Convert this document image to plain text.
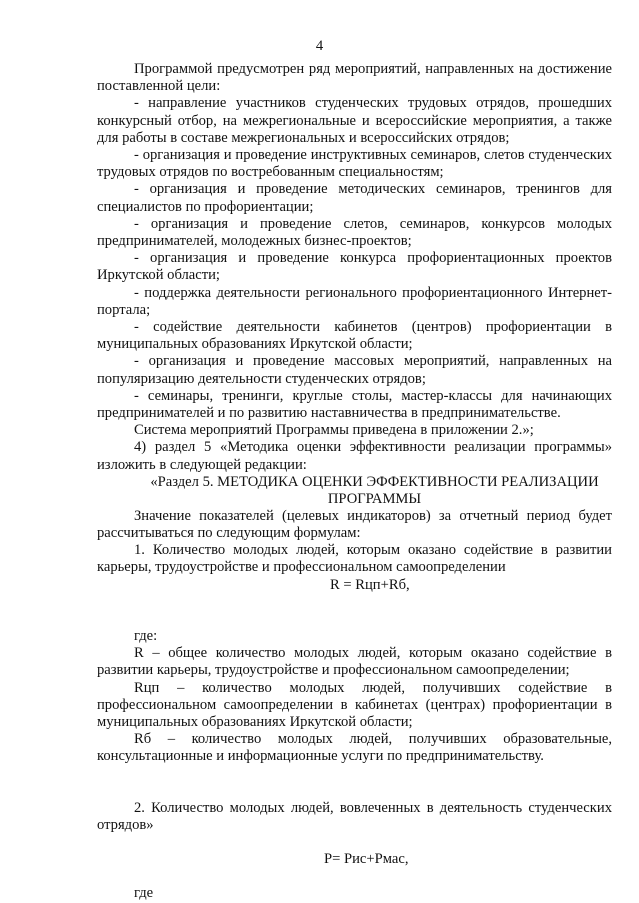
4

Программой предусмотрен ряд мероприятий, направленных на достижение поставленной цели:

- направление участников студенческих трудовых отрядов, прошедших конкурсный отбор, на межрегиональные и всероссийские мероприятия, а также для работы в составе межрегиональных и всероссийских отрядов;

- организация и проведение инструктивных семинаров, слетов студенческих трудовых отрядов по востребованным специальностям;

- организация и проведение методических семинаров, тренингов для специалистов по профориентации;

- организация и проведение слетов, семинаров, конкурсов молодых предпринимателей, молодежных бизнес-проектов;

- организация и проведение конкурса профориентационных проектов Иркутской области;

- поддержка деятельности регионального профориентационного Интернет-портала;

- содействие деятельности кабинетов (центров) профориентации в муниципальных образованиях Иркутской области;

- организация и проведение массовых мероприятий, направленных на популяризацию деятельности студенческих отрядов;

- семинары, тренинги, круглые столы, мастер-классы для начинающих предпринимателей и по развитию наставничества в предпринимательстве.

Система мероприятий Программы приведена в приложении 2.»;

4) раздел 5 «Методика оценки эффективности реализации программы» изложить в следующей редакции:

«Раздел 5. МЕТОДИКА ОЦЕНКИ ЭФФЕКТИВНОСТИ РЕАЛИЗАЦИИ ПРОГРАММЫ

Значение показателей (целевых индикаторов) за отчетный период будет рассчитываться по следующим формулам:

1. Количество молодых людей, которым оказано содействие в развитии карьеры, трудоустройстве и профессиональном самоопределении

R = Rцп+Rб,

где:

R – общее количество молодых людей, которым оказано содействие в развитии карьеры, трудоустройстве и профессиональном самоопределении;

Rцп – количество молодых людей, получивших содействие в профессиональном самоопределении в кабинетах (центрах) профориентации в муниципальных образованиях Иркутской области;

Rб – количество молодых людей, получивших образовательные, консультационные и информационные услуги по предпринимательству.

2. Количество молодых людей, вовлеченных в деятельность студенческих отрядов»

Р= Рис+Рмас,

где
